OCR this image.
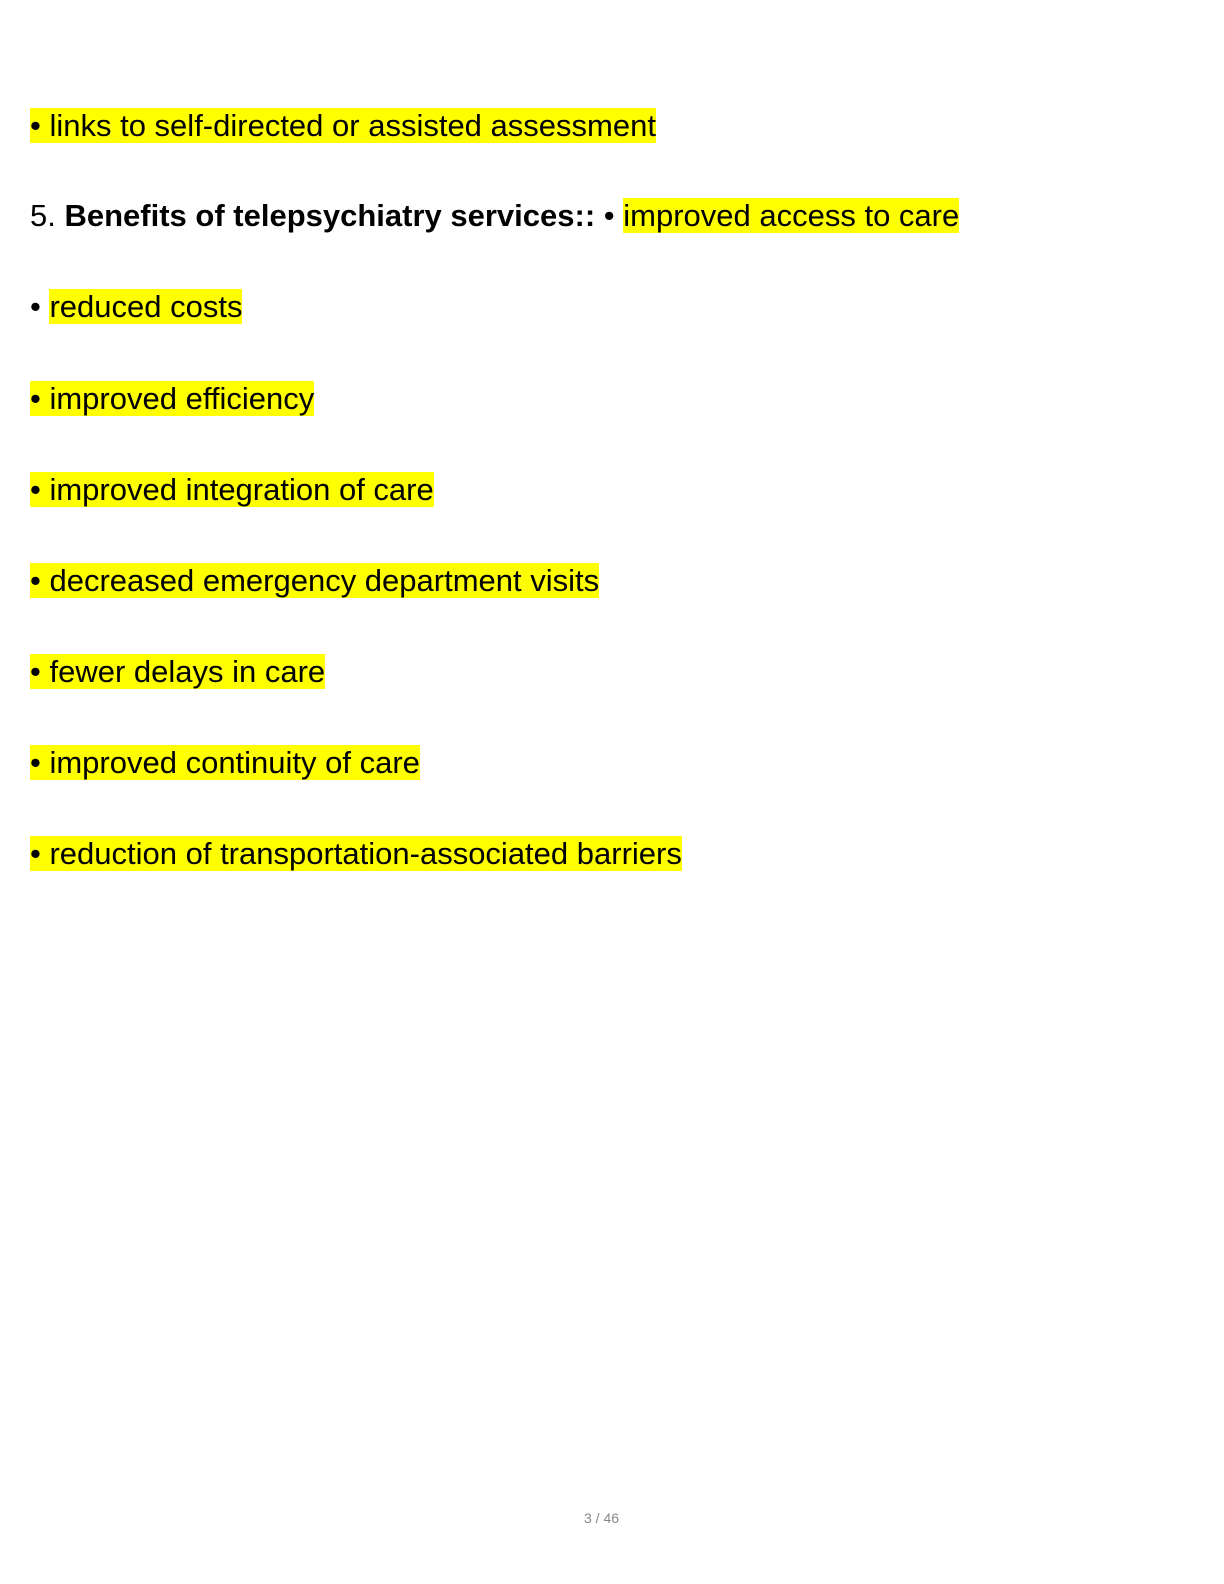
• links to self-directed or assisted assessment
5. Benefits of telepsychiatry services:: • improved access to care
• reduced costs
• improved efficiency
• improved integration of care
• decreased emergency department visits
• fewer delays in care
• improved continuity of care
• reduction of transportation-associated barriers
3 / 46
